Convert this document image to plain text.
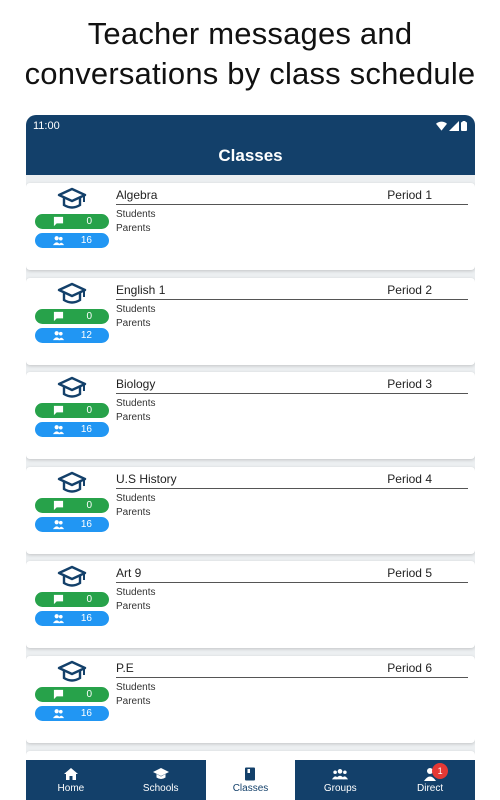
Teacher messages and
conversations by class schedule
11:00
Classes
0
16
Algebra	Period 1
Students
Parents
0
12
English 1	Period 2
Students
Parents
0
16
Biology	Period 3
Students
Parents
0
16
U.S History	Period 4
Students
Parents
0
16
Art 9	Period 5
Students
Parents
0
16
P.E	Period 6
Students
Parents
Home	Schools	Classes	Groups	Direct
1
